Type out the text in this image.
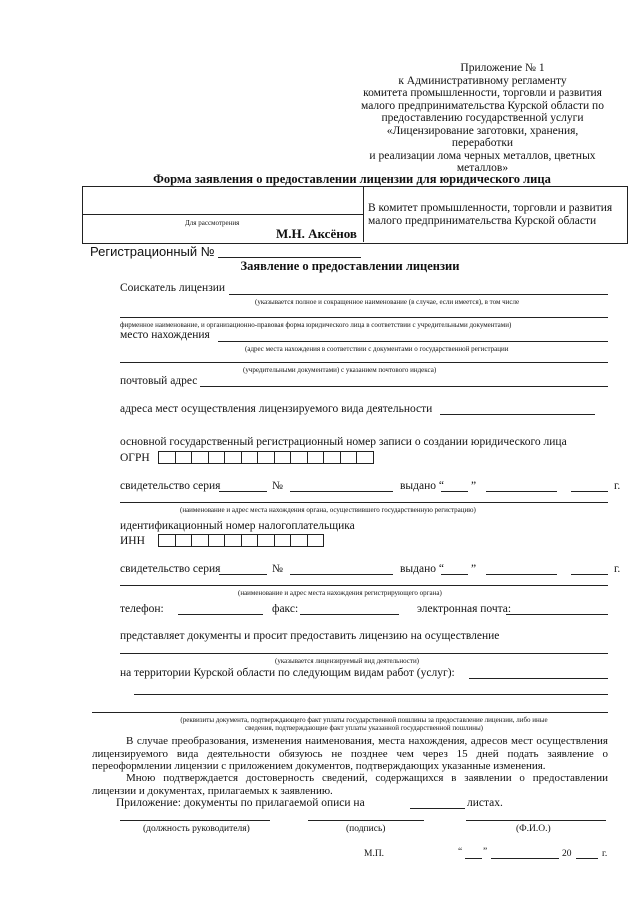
Приложение № 1
к Административному регламенту
комитета промышленности, торговли и развития
малого предпринимательства Курской области по
предоставлению государственной услуги
«Лицензирование заготовки, хранения, переработки
и реализации лома черных металлов, цветных
металлов»
Форма заявления о предоставлении лицензии для юридического лица
Для рассмотрения
М.Н. Аксёнов
В комитет промышленности, торговли и развития малого предпринимательства Курской области
Регистрационный №
Заявление о предоставлении лицензии
Соискатель лицензии
(указывается полное и сокращенное наименование (в случае, если имеется), в том числе
фирменное наименование, и организационно-правовая форма юридического лица в соответствии с учредительными документами)
место нахождения
(адрес места нахождения в соответствии с документами о государственной регистрации
(учредительными документами) с указанием почтового индекса)
почтовый адрес
адреса мест осуществления лицензируемого вида деятельности
основной государственный регистрационный номер записи о создании юридического лица
ОГРН
свидетельство серия	№	выдано “ ”	г.
(наименование и адрес места нахождения органа, осуществившего государственную регистрацию)
идентификационный номер налогоплательщика
ИНН
свидетельство серия	№	выдано “ ”	г.
(наименование и адрес места нахождения регистрирующего органа)
телефон:	факс:	электронная почта:
представляет документы и просит предоставить лицензию на осуществление
(указывается лицензируемый вид деятельности)
на территории Курской области по следующим видам работ (услуг):
(реквизиты документа, подтверждающего факт уплаты государственной пошлины за предоставление лицензии, либо иные
сведения, подтверждающие факт уплаты указанной государственной пошлины)
В случае преобразования, изменения наименования, места нахождения, адресов мест осуществления лицензируемого вида деятельности обязуюсь не позднее чем через 15 дней подать заявление о переоформлении лицензии с приложением документов, подтверждающих указанные изменения.
Мною подтверждается достоверность сведений, содержащихся в заявлении о предоставлении лицензии и документах, прилагаемых к заявлению.
Приложение: документы по прилагаемой описи на	листах.
(должность руководителя)	(подпись)	(Ф.И.О.)
М.П.	“ ”	20	г.
